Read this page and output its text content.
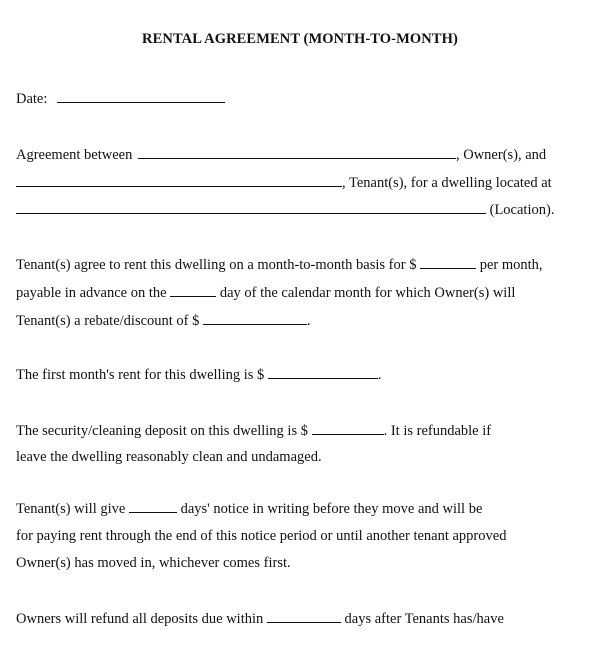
RENTAL AGREEMENT (MONTH-TO-MONTH)
Date:
Agreement between	, Owner(s), and
, Tenant(s), for a dwelling located at
(Location).
Tenant(s) agree to rent this dwelling on a month-to-month basis for $	per month,
payable in advance on the	day of the calendar month for which Owner(s) will
Tenant(s) a rebate/discount of $	.
The first month's rent for this dwelling is $	.
The security/cleaning deposit on this dwelling is $	. It is refundable if
leave the dwelling reasonably clean and undamaged.
Tenant(s) will give	days' notice in writing before they move and will be
for paying rent through the end of this notice period or until another tenant approved
Owner(s) has moved in, whichever comes first.
Owners will refund all deposits due within	days after Tenants has/have
